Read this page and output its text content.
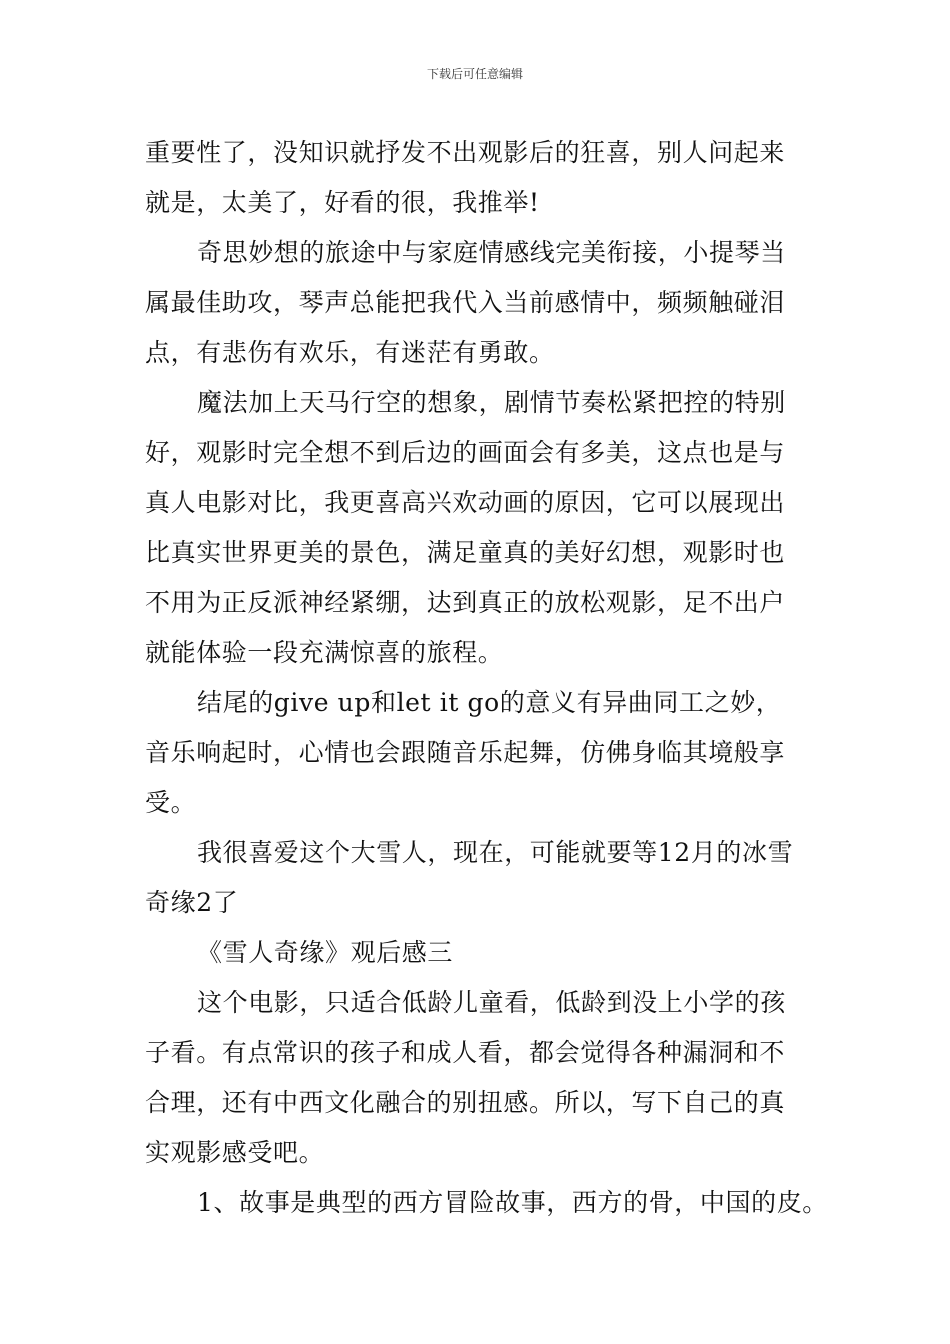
下载后可任意编辑
重要性了，没知识就抒发不出观影后的狂喜，别人问起来
就是，太美了，好看的很，我推举!
奇思妙想的旅途中与家庭情感线完美衔接，小提琴当
属最佳助攻，琴声总能把我代入当前感情中，频频触碰泪
点，有悲伤有欢乐，有迷茫有勇敢。
魔法加上天马行空的想象，剧情节奏松紧把控的特别
好，观影时完全想不到后边的画面会有多美，这点也是与
真人电影对比，我更喜高兴欢动画的原因，它可以展现出
比真实世界更美的景色，满足童真的美好幻想，观影时也
不用为正反派神经紧绷，达到真正的放松观影，足不出户
就能体验一段充满惊喜的旅程。
结尾的give up和let it go的意义有异曲同工之妙，
音乐响起时，心情也会跟随音乐起舞，仿佛身临其境般享
受。
我很喜爱这个大雪人，现在，可能就要等12月的冰雪
奇缘2了
《雪人奇缘》观后感三
这个电影，只适合低龄儿童看，低龄到没上小学的孩
子看。有点常识的孩子和成人看，都会觉得各种漏洞和不
合理，还有中西文化融合的别扭感。所以，写下自己的真
实观影感受吧。
1、故事是典型的西方冒险故事，西方的骨，中国的皮。
